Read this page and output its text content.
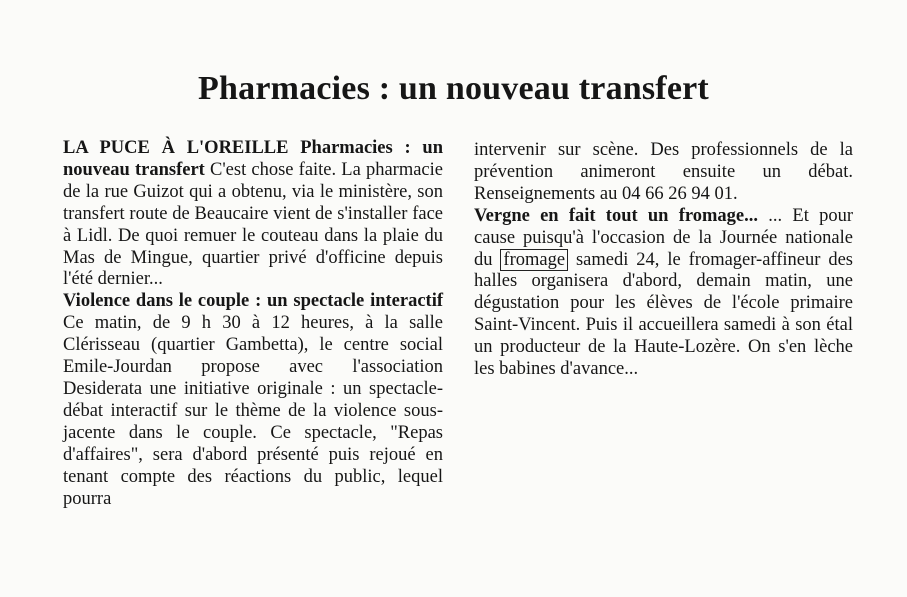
Pharmacies : un nouveau transfert

LA PUCE À L'OREILLE Pharmacies : un nouveau transfert C'est chose faite. La pharmacie de la rue Guizot qui a obtenu, via le ministère, son transfert route de Beaucaire vient de s'installer face à Lidl. De quoi remuer le couteau dans la plaie du Mas de Mingue, quartier privé d'officine depuis l'été dernier...

Violence dans le couple : un spectacle interactif Ce matin, de 9 h 30 à 12 heures, à la salle Clérisseau (quartier Gambetta), le centre social Emile-Jourdan propose avec l'association Desiderata une initiative originale : un spectacle-débat interactif sur le thème de la violence sous-jacente dans le couple. Ce spectacle, "Repas d'affaires", sera d'abord présenté puis rejoué en tenant compte des réactions du public, lequel pourra

intervenir sur scène. Des professionnels de la prévention animeront ensuite un débat. Renseignements au 04 66 26 94 01.

Vergne en fait tout un fromage... ... Et pour cause puisqu'à l'occasion de la Journée nationale du fromage samedi 24, le fromager-affineur des halles organisera d'abord, demain matin, une dégustation pour les élèves de l'école primaire Saint-Vincent. Puis il accueillera samedi à son étal un producteur de la Haute-Lozère. On s'en lèche les babines d'avance...
